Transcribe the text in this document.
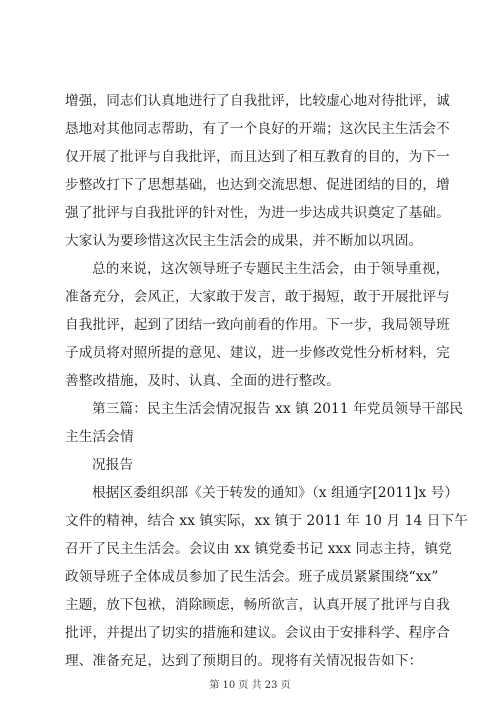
增强，同志们认真地进行了自我批评，比较虚心地对待批评，诚
恳地对其他同志帮助，有了一个良好的开端；这次民主生活会不
仅开展了批评与自我批评，而且达到了相互教育的目的，为下一
步整改打下了思想基础，也达到交流思想、促进团结的目的，增
强了批评与自我批评的针对性，为进一步达成共识奠定了基础。
大家认为要珍惜这次民主生活会的成果，并不断加以巩固。
总的来说，这次领导班子专题民主生活会，由于领导重视，
准备充分，会风正，大家敢于发言，敢于揭短，敢于开展批评与
自我批评，起到了团结一致向前看的作用。下一步，我局领导班
子成员将对照所提的意见、建议，进一步修改党性分析材料，完
善整改措施，及时、认真、全面的进行整改。
第三篇：民主生活会情况报告 xx 镇 2011 年党员领导干部民
主生活会情
况报告
根据区委组织部《关于转发的通知》（x 组通字[2011]x 号）
文件的精神，结合 xx 镇实际，xx 镇于 2011 年 10 月 14 日下午
召开了民主生活会。会议由 xx 镇党委书记 xxx 同志主持，镇党
政领导班子全体成员参加了民生活会。班子成员紧紧围绕“xx”
主题，放下包袱，消除顾虑，畅所欲言，认真开展了批评与自我
批评，并提出了切实的措施和建议。会议由于安排科学、程序合
理、准备充足，达到了预期目的。现将有关情况报告如下：
第 10 页 共 23 页
